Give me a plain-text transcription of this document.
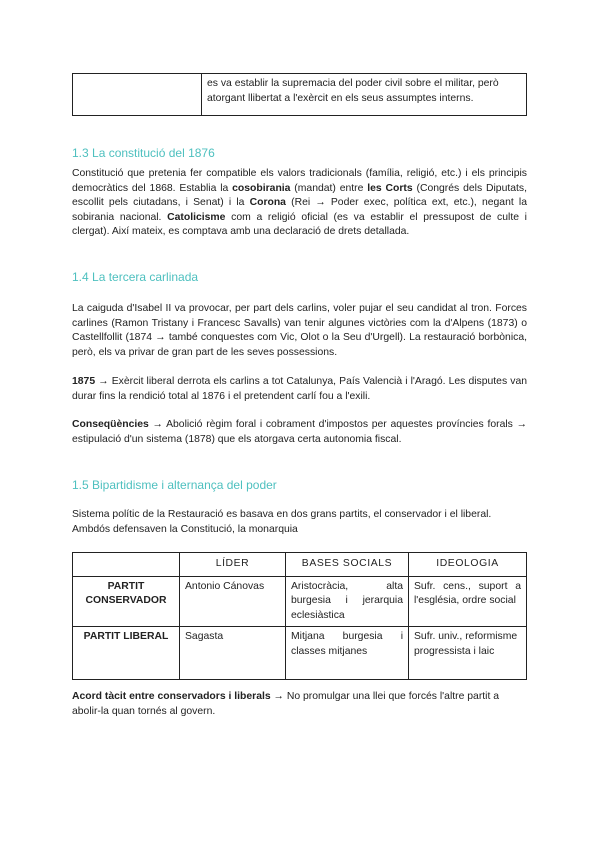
	es va establir la supremacia del poder civil sobre el militar, però atorgant llibertat a l'exèrcit en els seus assumptes interns.
1.3 La constitució del 1876

Constitució que pretenia fer compatible els valors tradicionals (família, religió, etc.) i els principis democràtics del 1868. Establia la cosobirania (mandat) entre les Corts (Congrés dels Diputats, escollit pels ciutadans, i Senat) i la Corona (Rei → Poder exec, política ext, etc.), negant la sobirania nacional. Catolicisme com a religió oficial (es va establir el pressupost de culte i clergat). Així mateix, es comptava amb una declaració de drets detallada.

1.4 La tercera carlinada

La caiguda d'Isabel II va provocar, per part dels carlins, voler pujar el seu candidat al tron. Forces carlines (Ramon Tristany i Francesc Savalls) van tenir algunes victòries com la d'Alpens (1873) o Castellfollit (1874 → també conquestes com Vic, Olot o la Seu d'Urgell). La restauració borbònica, però, els va privar de gran part de les seves possessions.

1875 → Exèrcit liberal derrota els carlins a tot Catalunya, País Valencià i l'Aragó. Les disputes van durar fins la rendició total al 1876 i el pretendent carlí fou a l'exili.

Conseqüències → Abolició règim foral i cobrament d'impostos per aquestes províncies forals → estipulació d'un sistema (1878) que els atorgava certa autonomia fiscal.

1.5 Bipartidisme i alternança del poder

Sistema polític de la Restauració es basava en dos grans partits, el conservador i el liberal. Ambdós defensaven la Constitució, la monarquia

	LÍDER	BASES SOCIALS	IDEOLOGIA
PARTIT CONSERVADOR	Antonio Cánovas	Aristocràcia, alta burgesia i jerarquia eclesiàstica	Sufr. cens., suport a l'església, ordre social
PARTIT LIBERAL	Sagasta	Mitjana burgesia i classes mitjanes	Sufr. univ., reformisme progressista i laic

Acord tàcit entre conservadors i liberals → No promulgar una llei que forcés l'altre partit a abolir-la quan tornés al govern.
